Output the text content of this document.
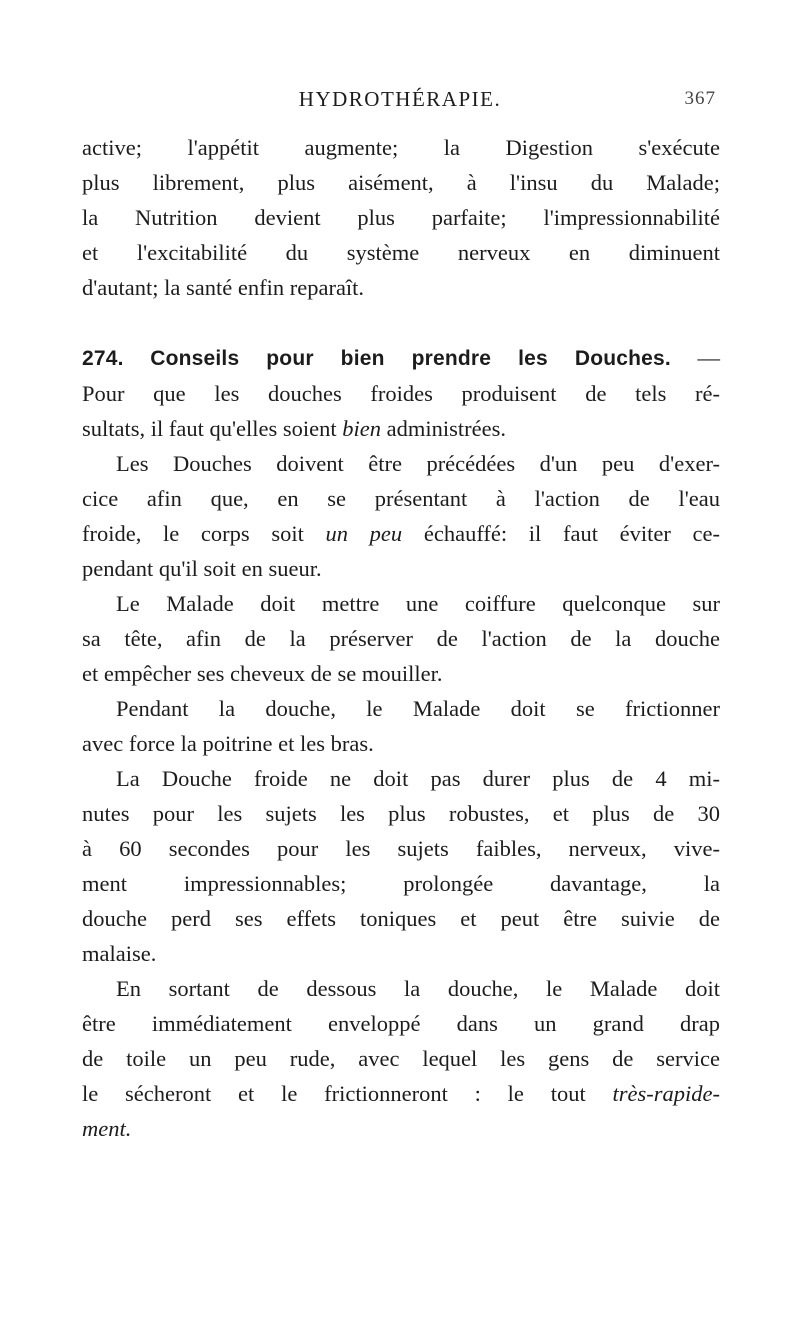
HYDROTHÉRAPIE.	367

active; l'appétit augmente; la Digestion s'exécute
plus librement, plus aisément, à l'insu du Malade;
la Nutrition devient plus parfaite; l'impressionnabilité
et l'excitabilité du système nerveux en diminuent
d'autant; la santé enfin reparaît.

274. Conseils pour bien prendre les Douches. —
Pour que les douches froides produisent de tels ré-
sultats, il faut qu'elles soient bien administrées.

Les Douches doivent être précédées d'un peu d'exer-
cice afin que, en se présentant à l'action de l'eau
froide, le corps soit un peu échauffé: il faut éviter ce-
pendant qu'il soit en sueur.

Le Malade doit mettre une coiffure quelconque sur
sa tête, afin de la préserver de l'action de la douche
et empêcher ses cheveux de se mouiller.

Pendant la douche, le Malade doit se frictionner
avec force la poitrine et les bras.

La Douche froide ne doit pas durer plus de 4 mi-
nutes pour les sujets les plus robustes, et plus de 30
à 60 secondes pour les sujets faibles, nerveux, vive-
ment impressionnables; prolongée davantage, la
douche perd ses effets toniques et peut être suivie de
malaise.

En sortant de dessous la douche, le Malade doit
être immédiatement enveloppé dans un grand drap
de toile un peu rude, avec lequel les gens de service
le sécheront et le frictionneront : le tout très-rapide-
ment.
